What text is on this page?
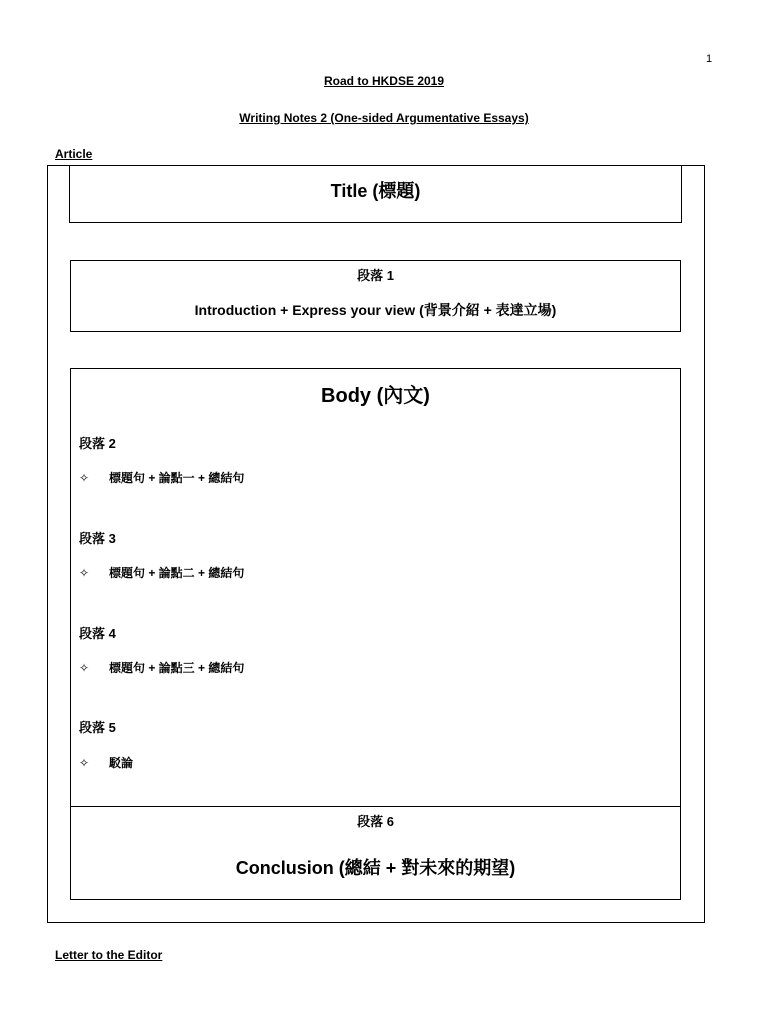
1
Road to HKDSE 2019
Writing Notes 2 (One-sided Argumentative Essays)
Article
Title (標題)
段落 1
Introduction + Express your view (背景介紹 + 表達立場)
Body (內文)
段落 2
✧ 標題句 + 論點一 + 總結句
段落 3
✧ 標題句 + 論點二 + 總結句
段落 4
✧ 標題句 + 論點三 + 總結句
段落 5
✧ 駁論
段落 6
Conclusion (總結 + 對未來的期望)
Letter to the Editor
